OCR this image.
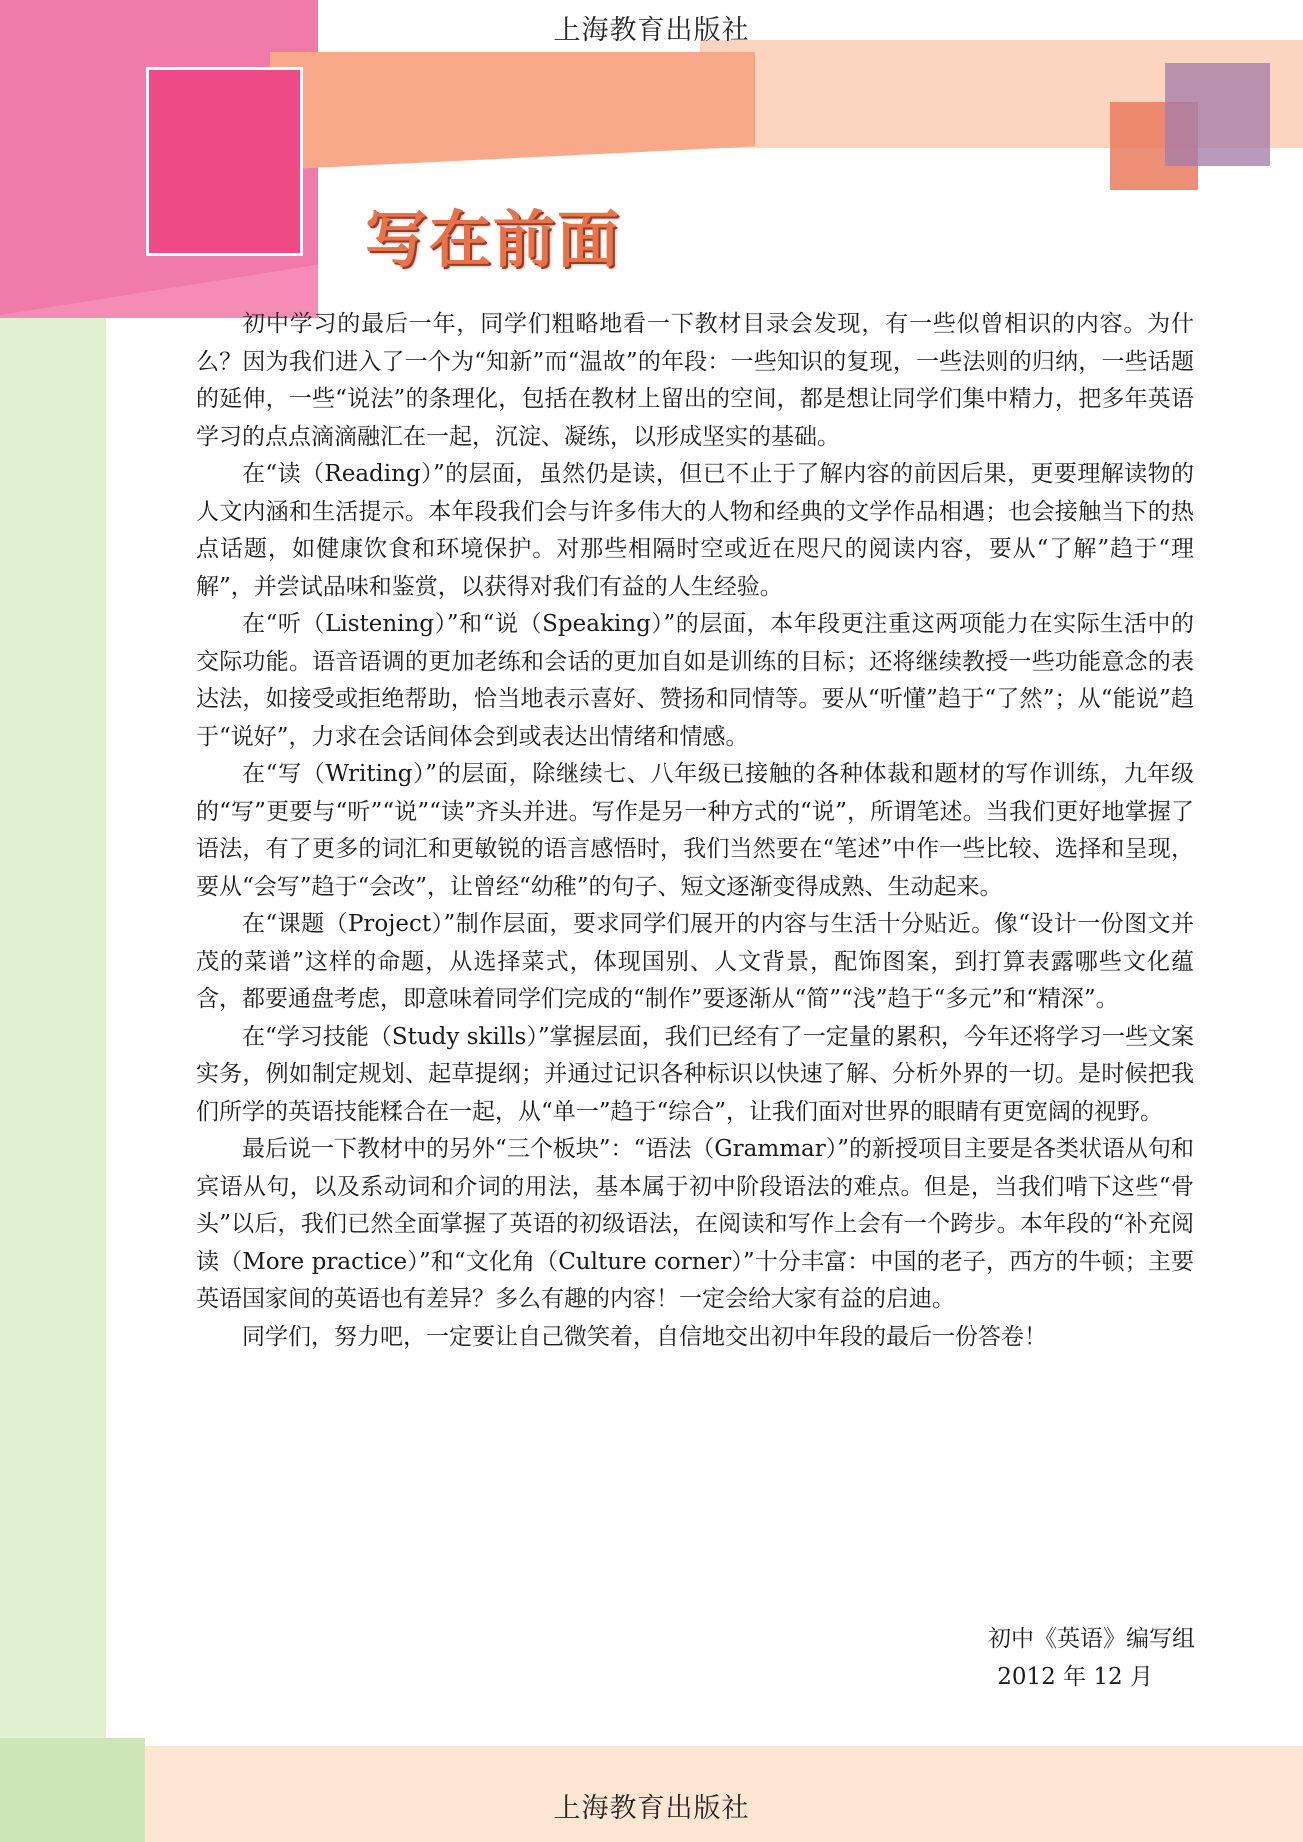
上海教育出版社
写在前面

初中学习的最后一年，同学们粗略地看一下教材目录会发现，有一些似曾相识的内容。为什么？因为我们进入了一个为“知新”而“温故”的年段：一些知识的复现，一些法则的归纳，一些话题的延伸，一些“说法”的条理化，包括在教材上留出的空间，都是想让同学们集中精力，把多年英语学习的点点滴滴融汇在一起，沉淀、凝练，以形成坚实的基础。

在“读（Reading）”的层面，虽然仍是读，但已不止于了解内容的前因后果，更要理解读物的人文内涵和生活提示。本年段我们会与许多伟大的人物和经典的文学作品相遇；也会接触当下的热点话题，如健康饮食和环境保护。对那些相隔时空或近在咫尺的阅读内容，要从“了解”趋于“理解”，并尝试品味和鉴赏，以获得对我们有益的人生经验。

在“听（Listening）”和“说（Speaking）”的层面，本年段更注重这两项能力在实际生活中的交际功能。语音语调的更加老练和会话的更加自如是训练的目标；还将继续教授一些功能意念的表达法，如接受或拒绝帮助，恰当地表示喜好、赞扬和同情等。要从“听懂”趋于“了然”；从“能说”趋于“说好”，力求在会话间体会到或表达出情绪和情感。

在“写（Writing）”的层面，除继续七、八年级已接触的各种体裁和题材的写作训练，九年级的“写”更要与“听”“说”“读”齐头并进。写作是另一种方式的“说”，所谓笔述。当我们更好地掌握了语法，有了更多的词汇和更敏锐的语言感悟时，我们当然要在“笔述”中作一些比较、选择和呈现，要从“会写”趋于“会改”，让曾经“幼稚”的句子、短文逐渐变得成熟、生动起来。

在“课题（Project）”制作层面，要求同学们展开的内容与生活十分贴近。像“设计一份图文并茂的菜谱”这样的命题，从选择菜式，体现国别、人文背景，配饰图案，到打算表露哪些文化蕴含，都要通盘考虑，即意味着同学们完成的“制作”要逐渐从“简”“浅”趋于“多元”和“精深”。

在“学习技能（Study skills）”掌握层面，我们已经有了一定量的累积，今年还将学习一些文案实务，例如制定规划、起草提纲；并通过记识各种标识以快速了解、分析外界的一切。是时候把我们所学的英语技能糅合在一起，从“单一”趋于“综合”，让我们面对世界的眼睛有更宽阔的视野。

最后说一下教材中的另外“三个板块”：“语法（Grammar）”的新授项目主要是各类状语从句和宾语从句，以及系动词和介词的用法，基本属于初中阶段语法的难点。但是，当我们啃下这些“骨头”以后，我们已然全面掌握了英语的初级语法，在阅读和写作上会有一个跨步。本年段的“补充阅读（More practice）”和“文化角（Culture corner）”十分丰富：中国的老子，西方的牛顿；主要英语国家间的英语也有差异？多么有趣的内容！一定会给大家有益的启迪。

同学们，努力吧，一定要让自己微笑着，自信地交出初中年段的最后一份答卷！

初中《英语》编写组
2012 年 12 月
上海教育出版社
